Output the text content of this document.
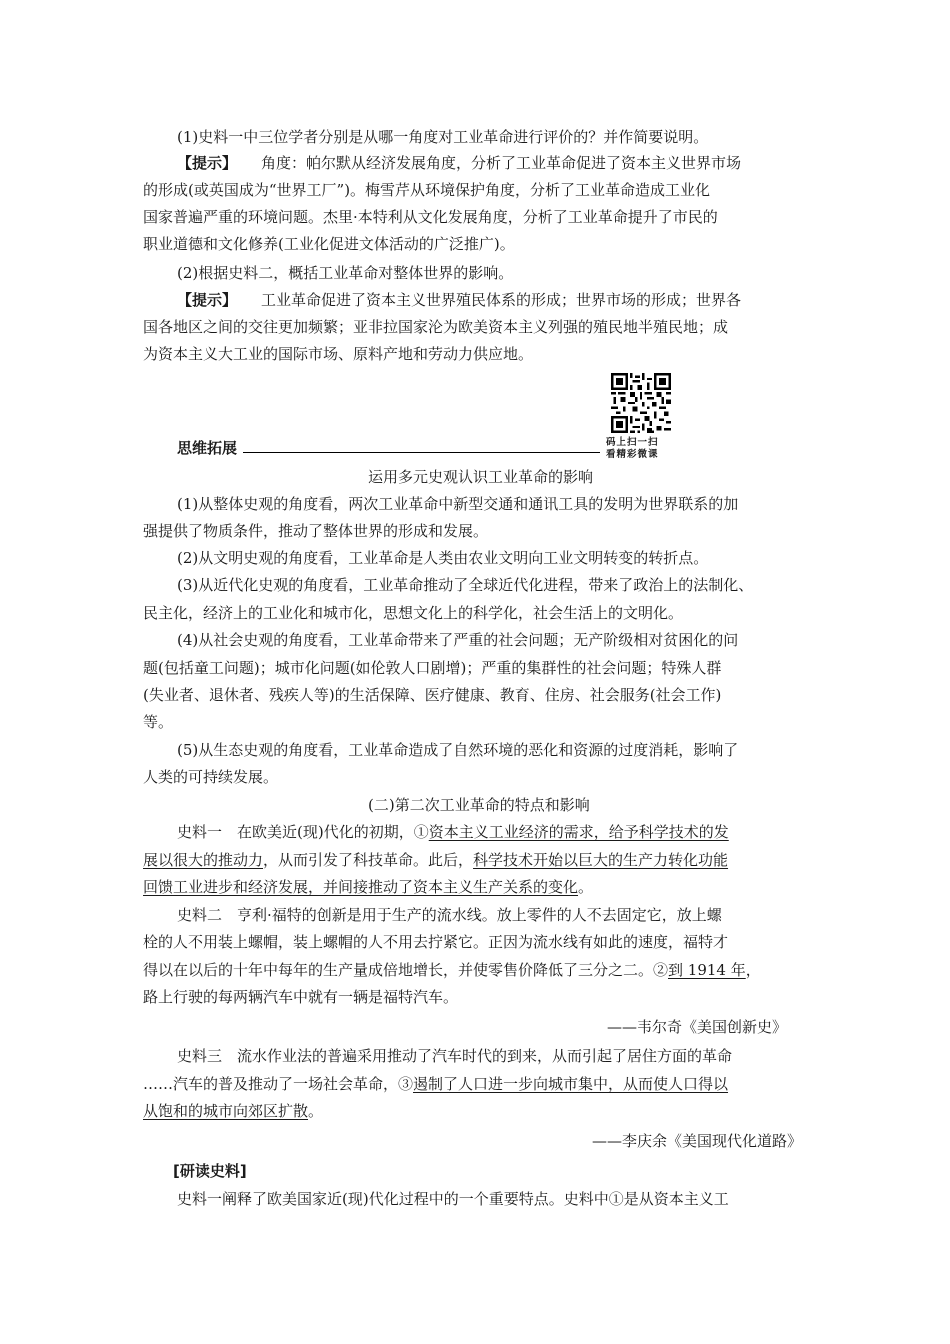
(1)史料一中三位学者分别是从哪一角度对工业革命进行评价的？并作简要说明。
【提示】 角度：帕尔默从经济发展角度，分析了工业革命促进了资本主义世界市场
的形成(或英国成为“世界工厂”)。梅雪芹从环境保护角度，分析了工业革命造成工业化
国家普遍严重的环境问题。杰里·本特利从文化发展角度，分析了工业革命提升了市民的
职业道德和文化修养(工业化促进文体活动的广泛推广)。
(2)根据史料二，概括工业革命对整体世界的影响。
【提示】 工业革命促进了资本主义世界殖民体系的形成；世界市场的形成；世界各
国各地区之间的交往更加频繁；亚非拉国家沦为欧美资本主义列强的殖民地半殖民地；成
为资本主义大工业的国际市场、原料产地和劳动力供应地。
码上扫一扫
看精彩微课
思维拓展
运用多元史观认识工业革命的影响
(1)从整体史观的角度看，两次工业革命中新型交通和通讯工具的发明为世界联系的加
强提供了物质条件，推动了整体世界的形成和发展。
(2)从文明史观的角度看，工业革命是人类由农业文明向工业文明转变的转折点。
(3)从近代化史观的角度看，工业革命推动了全球近代化进程，带来了政治上的法制化、
民主化，经济上的工业化和城市化，思想文化上的科学化，社会生活上的文明化。
(4)从社会史观的角度看，工业革命带来了严重的社会问题；无产阶级相对贫困化的问
题(包括童工问题)；城市化问题(如伦敦人口剧增)；严重的集群性的社会问题；特殊人群
(失业者、退休者、残疾人等)的生活保障、医疗健康、教育、住房、社会服务(社会工作)
等。
(5)从生态史观的角度看，工业革命造成了自然环境的恶化和资源的过度消耗，影响了
人类的可持续发展。
(二)第二次工业革命的特点和影响
史料一 在欧美近(现)代化的初期，①资本主义工业经济的需求，给予科学技术的发
展以很大的推动力，从而引发了科技革命。此后，科学技术开始以巨大的生产力转化功能
回馈工业进步和经济发展，并间接推动了资本主义生产关系的变化。
史料二 亨利·福特的创新是用于生产的流水线。放上零件的人不去固定它，放上螺
栓的人不用装上螺帽，装上螺帽的人不用去拧紧它。正因为流水线有如此的速度，福特才
得以在以后的十年中每年的生产量成倍地增长，并使零售价降低了三分之二。②到 1914 年，
路上行驶的每两辆汽车中就有一辆是福特汽车。
——韦尔奇《美国创新史》
史料三 流水作业法的普遍采用推动了汽车时代的到来，从而引起了居住方面的革命
……汽车的普及推动了一场社会革命，③遏制了人口进一步向城市集中，从而使人口得以
从饱和的城市向郊区扩散。
——李庆余《美国现代化道路》
[研读史料]
史料一阐释了欧美国家近(现)代化过程中的一个重要特点。史料中①是从资本主义工
